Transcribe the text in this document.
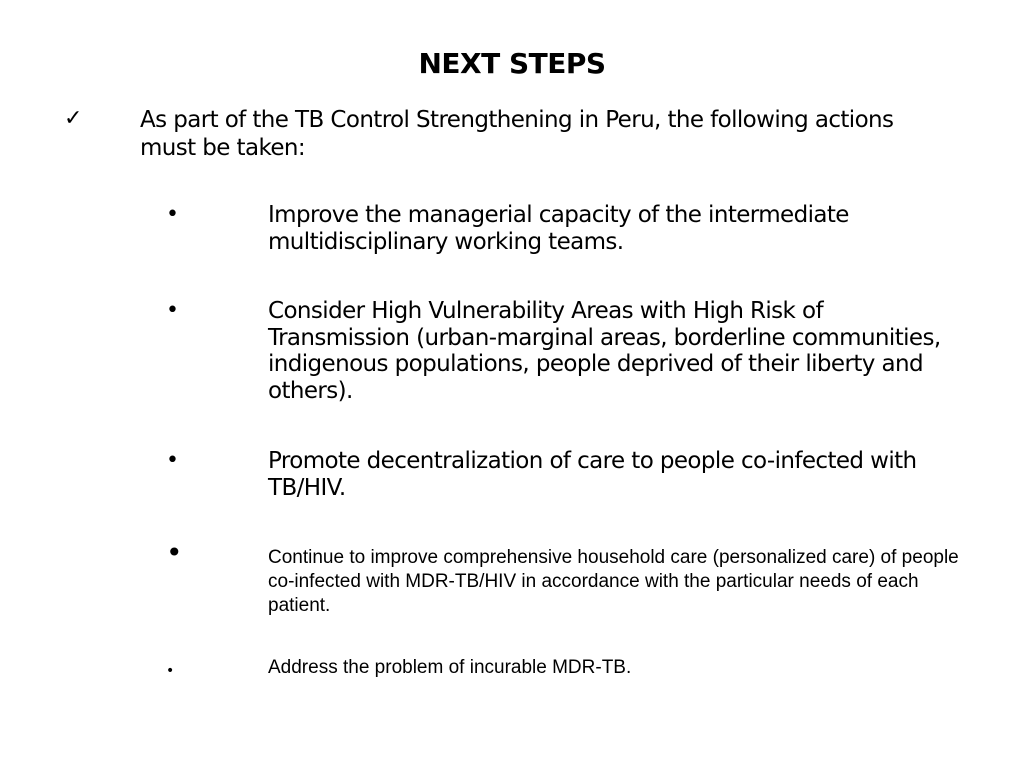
NEXT STEPS
✓	As part of the TB Control Strengthening in Peru, the following actions must be taken:
•	Improve the managerial capacity of the intermediate multidisciplinary working teams.
•	Consider High Vulnerability Areas with High Risk of Transmission (urban-marginal areas, borderline communities, indigenous populations, people deprived of their liberty and others).
•	Promote decentralization of care to people co-infected with TB/HIV.
•	Continue to improve comprehensive household care (personalized care) of people co-infected with MDR-TB/HIV in accordance with the particular needs of each patient.
•	Address the problem of incurable MDR-TB.
